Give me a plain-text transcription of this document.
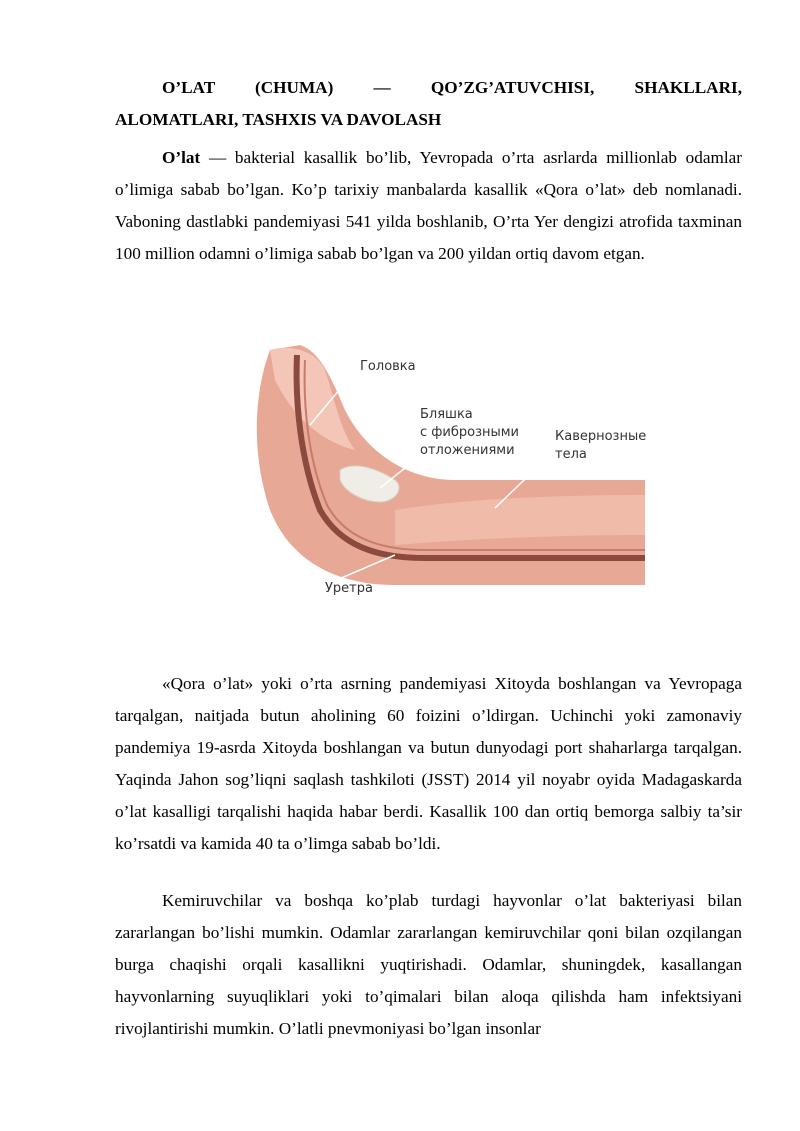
O’LAT (CHUMA) — QO’ZG’ATUVCHISI, SHAKLLARI,
ALOMATLARI, TASHXIS VA DAVOLASH

O’lat — bakterial kasallik bo’lib, Yevropada o’rta asrlarda millionlab odamlar o’limiga sabab bo’lgan. Ko’p tarixiy manbalarda kasallik «Qora o’lat» deb nomlanadi. Vaboning dastlabki pandemiyasi 541 yilda boshlanib, O’rta Yer dengizi atrofida taxminan 100 million odamni o’limiga sabab bo’lgan va 200 yildan ortiq davom etgan.

Головка
Бляшка
с фиброзными
отложениями
Кавернозные
тела
Уретра

«Qora o’lat» yoki o’rta asrning pandemiyasi Xitoyda boshlangan va Yevropaga tarqalgan, naitjada butun aholining 60 foizini o’ldirgan. Uchinchi yoki zamonaviy pandemiya 19-asrda Xitoyda boshlangan va butun dunyodagi port shaharlarga tarqalgan. Yaqinda Jahon sog’liqni saqlash tashkiloti (JSST) 2014 yil noyabr oyida Madagaskarda o’lat kasalligi tarqalishi haqida habar berdi. Kasallik 100 dan ortiq bemorga salbiy ta’sir ko’rsatdi va kamida 40 ta o’limga sabab bo’ldi.

Kemiruvchilar va boshqa ko’plab turdagi hayvonlar o’lat bakteriyasi bilan zararlangan bo’lishi mumkin. Odamlar zararlangan kemiruvchilar qoni bilan ozqilangan burga chaqishi orqali kasallikni yuqtirishadi. Odamlar, shuningdek, kasallangan hayvonlarning suyuqliklari yoki to’qimalari bilan aloqa qilishda ham infektsiyani rivojlantirishi mumkin. O’latli pnevmoniyasi bo’lgan insonlar
